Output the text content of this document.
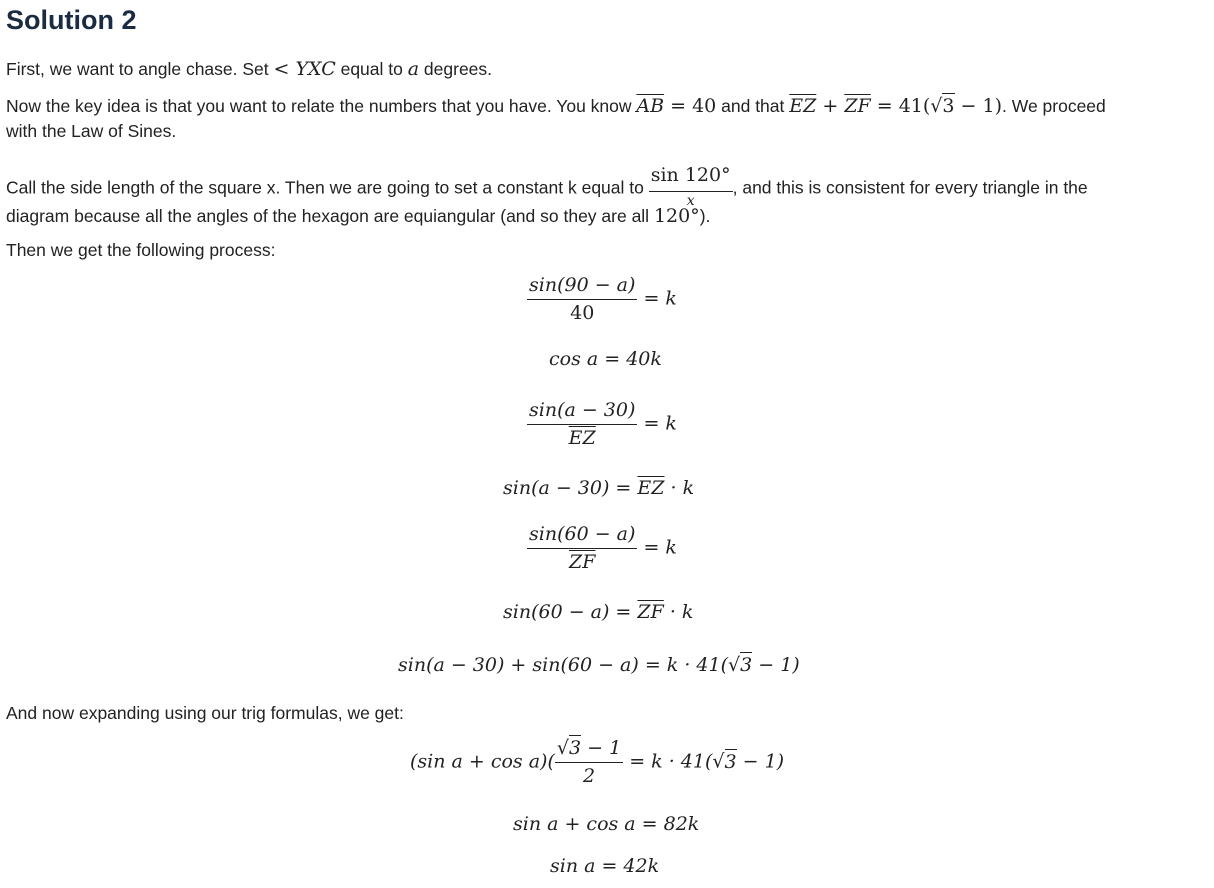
Solution 2
First, we want to angle chase. Set < YXC equal to a degrees.
Now the key idea is that you want to relate the numbers that you have. You know $\overline{AB} = 40$ and that $\overline{EZ} + \overline{ZF} = 41(√3 - 1)$. We proceed
with the Law of Sines.
Call the side length of the square x. Then we are going to set a constant k equal to $\frac{\sin 120^\circ}{x}$ , and this is consistent for every triangle in the
diagram because all the angles of the hexagon are equiangular (and so they are all 120°).
Then we get the following process:
$\frac{\sin(90 - a)}{40} = k$
cos a = 40k
$\frac{\sin(a - 30)}{EZ} = k$
$\sin(a - 30) = \overline{EZ} \cdot k$
$\frac{\sin(60 - a)}{ZF} = k$
$\sin(60 - a) = \overline{ZF} \cdot k$
sin(a − 30) + sin(60 − a) = k · 41(√3 − 1)
And now expanding using our trig formulas, we get:
(sin $a + \cos a)( \frac{√3 - 1}{2} = k \cdot 41(√3 - 1)$
sin a + cos a = 82k
sin a = 42k
